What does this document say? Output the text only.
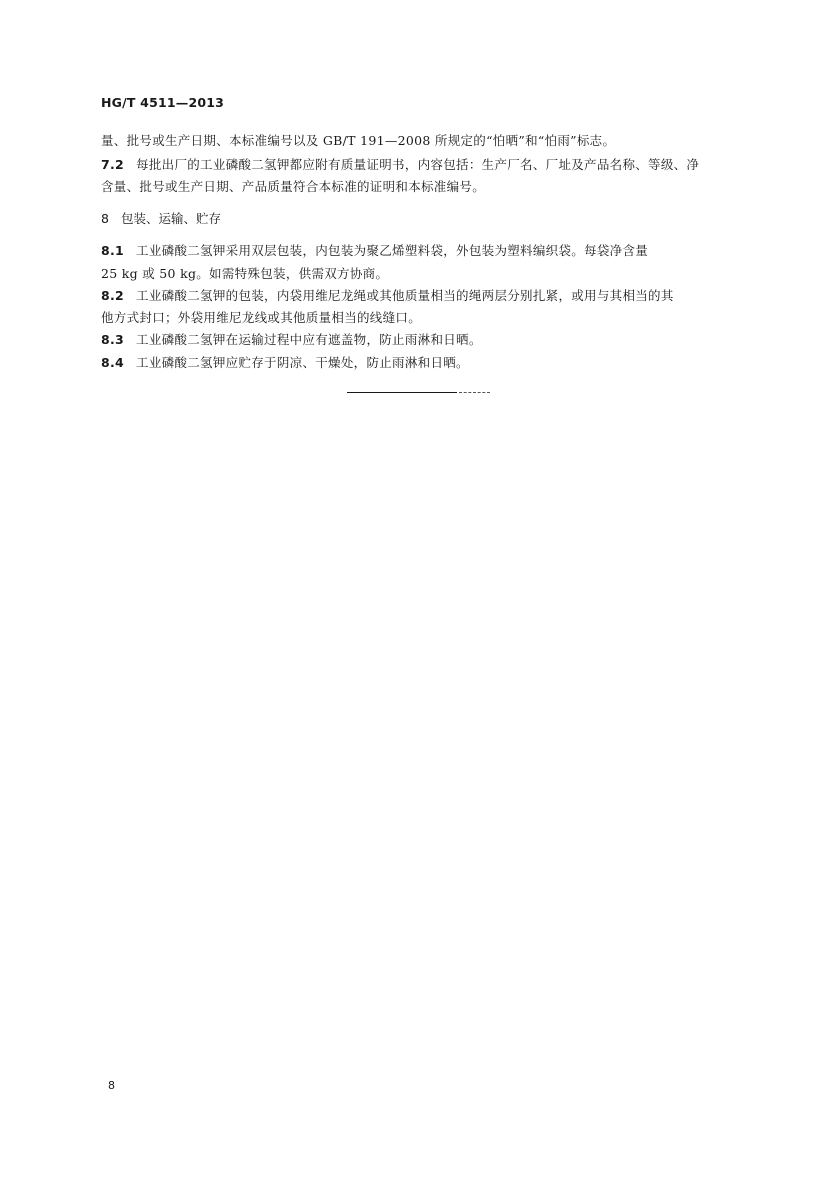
HG/T 4511—2013
量、批号或生产日期、本标准编号以及 GB/T 191—2008 所规定的“怕晒”和“怕雨”标志。
7.2 每批出厂的工业磷酸二氢钾都应附有质量证明书，内容包括：生产厂名、厂址及产品名称、等级、净
含量、批号或生产日期、产品质量符合本标准的证明和本标准编号。
8 包装、运输、贮存
8.1 工业磷酸二氢钾采用双层包装，内包装为聚乙烯塑料袋，外包装为塑料编织袋。每袋净含量
25 kg 或 50 kg。如需特殊包装，供需双方协商。
8.2 工业磷酸二氢钾的包装，内袋用维尼龙绳或其他质量相当的绳两层分别扎紧，或用与其相当的其
他方式封口；外袋用维尼龙线或其他质量相当的线缝口。
8.3 工业磷酸二氢钾在运输过程中应有遮盖物，防止雨淋和日晒。
8.4 工业磷酸二氢钾应贮存于阴凉、干燥处，防止雨淋和日晒。
8
